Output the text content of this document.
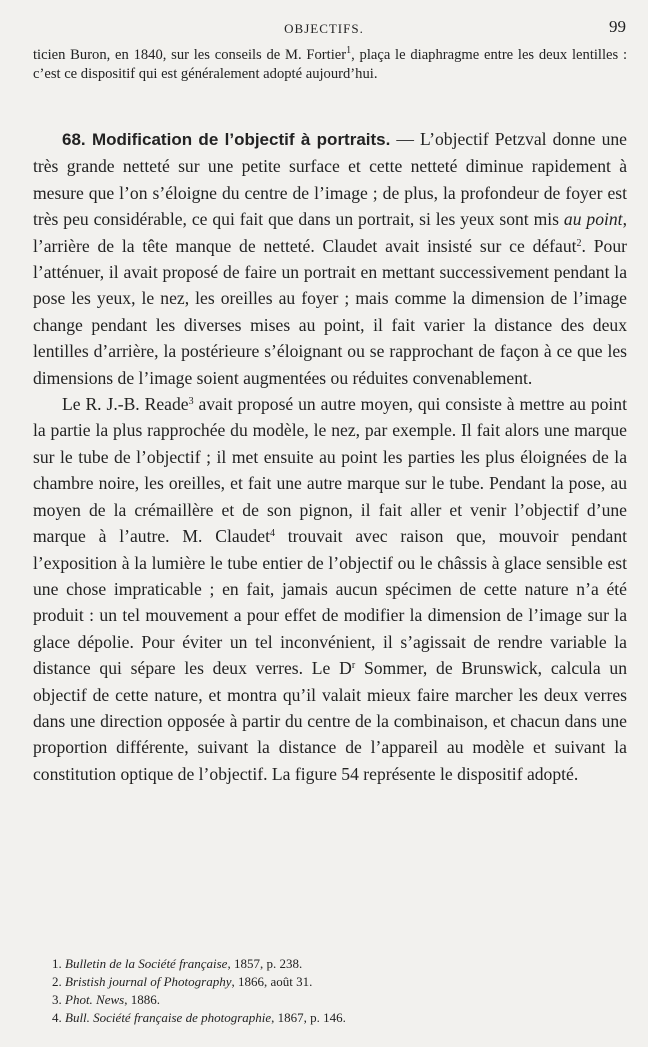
OBJECTIFS.	99
ticien Buron, en 1840, sur les conseils de M. Fortier$^1$, plaça le diaphragme entre les deux lentilles : c’est ce dispositif qui est généralement adopté aujourd’hui.

68. Modification de l’objectif à portraits. — L’objectif Petzval donne une très grande netteté sur une petite surface et cette netteté diminue rapidement à mesure que l’on s’éloigne du centre de l’image ; de plus, la profondeur de foyer est très peu considérable, ce qui fait que dans un portrait, si les yeux sont mis au point, l’arrière de la tête manque de netteté. Claudet avait insisté sur ce défaut$^2$. Pour l’atténuer, il avait proposé de faire un portrait en mettant successivement pendant la pose les yeux, le nez, les oreilles au foyer ; mais comme la dimension de l’image change pendant les diverses mises au point, il fait varier la distance des deux lentilles d’arrière, la postérieure s’éloignant ou se rapprochant de façon à ce que les dimensions de l’image soient augmentées ou réduites convenablement.

Le R. J.-B. Reade$^3$ avait proposé un autre moyen, qui consiste à mettre au point la partie la plus rapprochée du modèle, le nez, par exemple. Il fait alors une marque sur le tube de l’objectif ; il met ensuite au point les parties les plus éloignées de la chambre noire, les oreilles, et fait une autre marque sur le tube. Pendant la pose, au moyen de la crémaillère et de son pignon, il fait aller et venir l’objectif d’une marque à l’autre. M. Claudet$^4$ trouvait avec raison que, mouvoir pendant l’exposition à la lumière le tube entier de l’objectif ou le châssis à glace sensible est une chose impraticable ; en fait, jamais aucun spécimen de cette nature n’a été produit : un tel mouvement a pour effet de modifier la dimension de l’image sur la glace dépolie. Pour éviter un tel inconvénient, il s’agissait de rendre variable la distance qui sépare les deux verres. Le $D^r$ Sommer, de Brunswick, calcula un objectif de cette nature, et montra qu’il valait mieux faire marcher les deux verres dans une direction opposée à partir du centre de la combinaison, et chacun dans une proportion différente, suivant la distance de l’appareil au modèle et suivant la constitution optique de l’objectif. La figure 54 représente le dispositif adopté.

1. Bulletin de la Société française, 1857, p. 238.
2. Bristish journal of Photography, 1866, août 31.
3. Phot. News, 1886.
4. Bull. Société française de photographie, 1867, p. 146.
